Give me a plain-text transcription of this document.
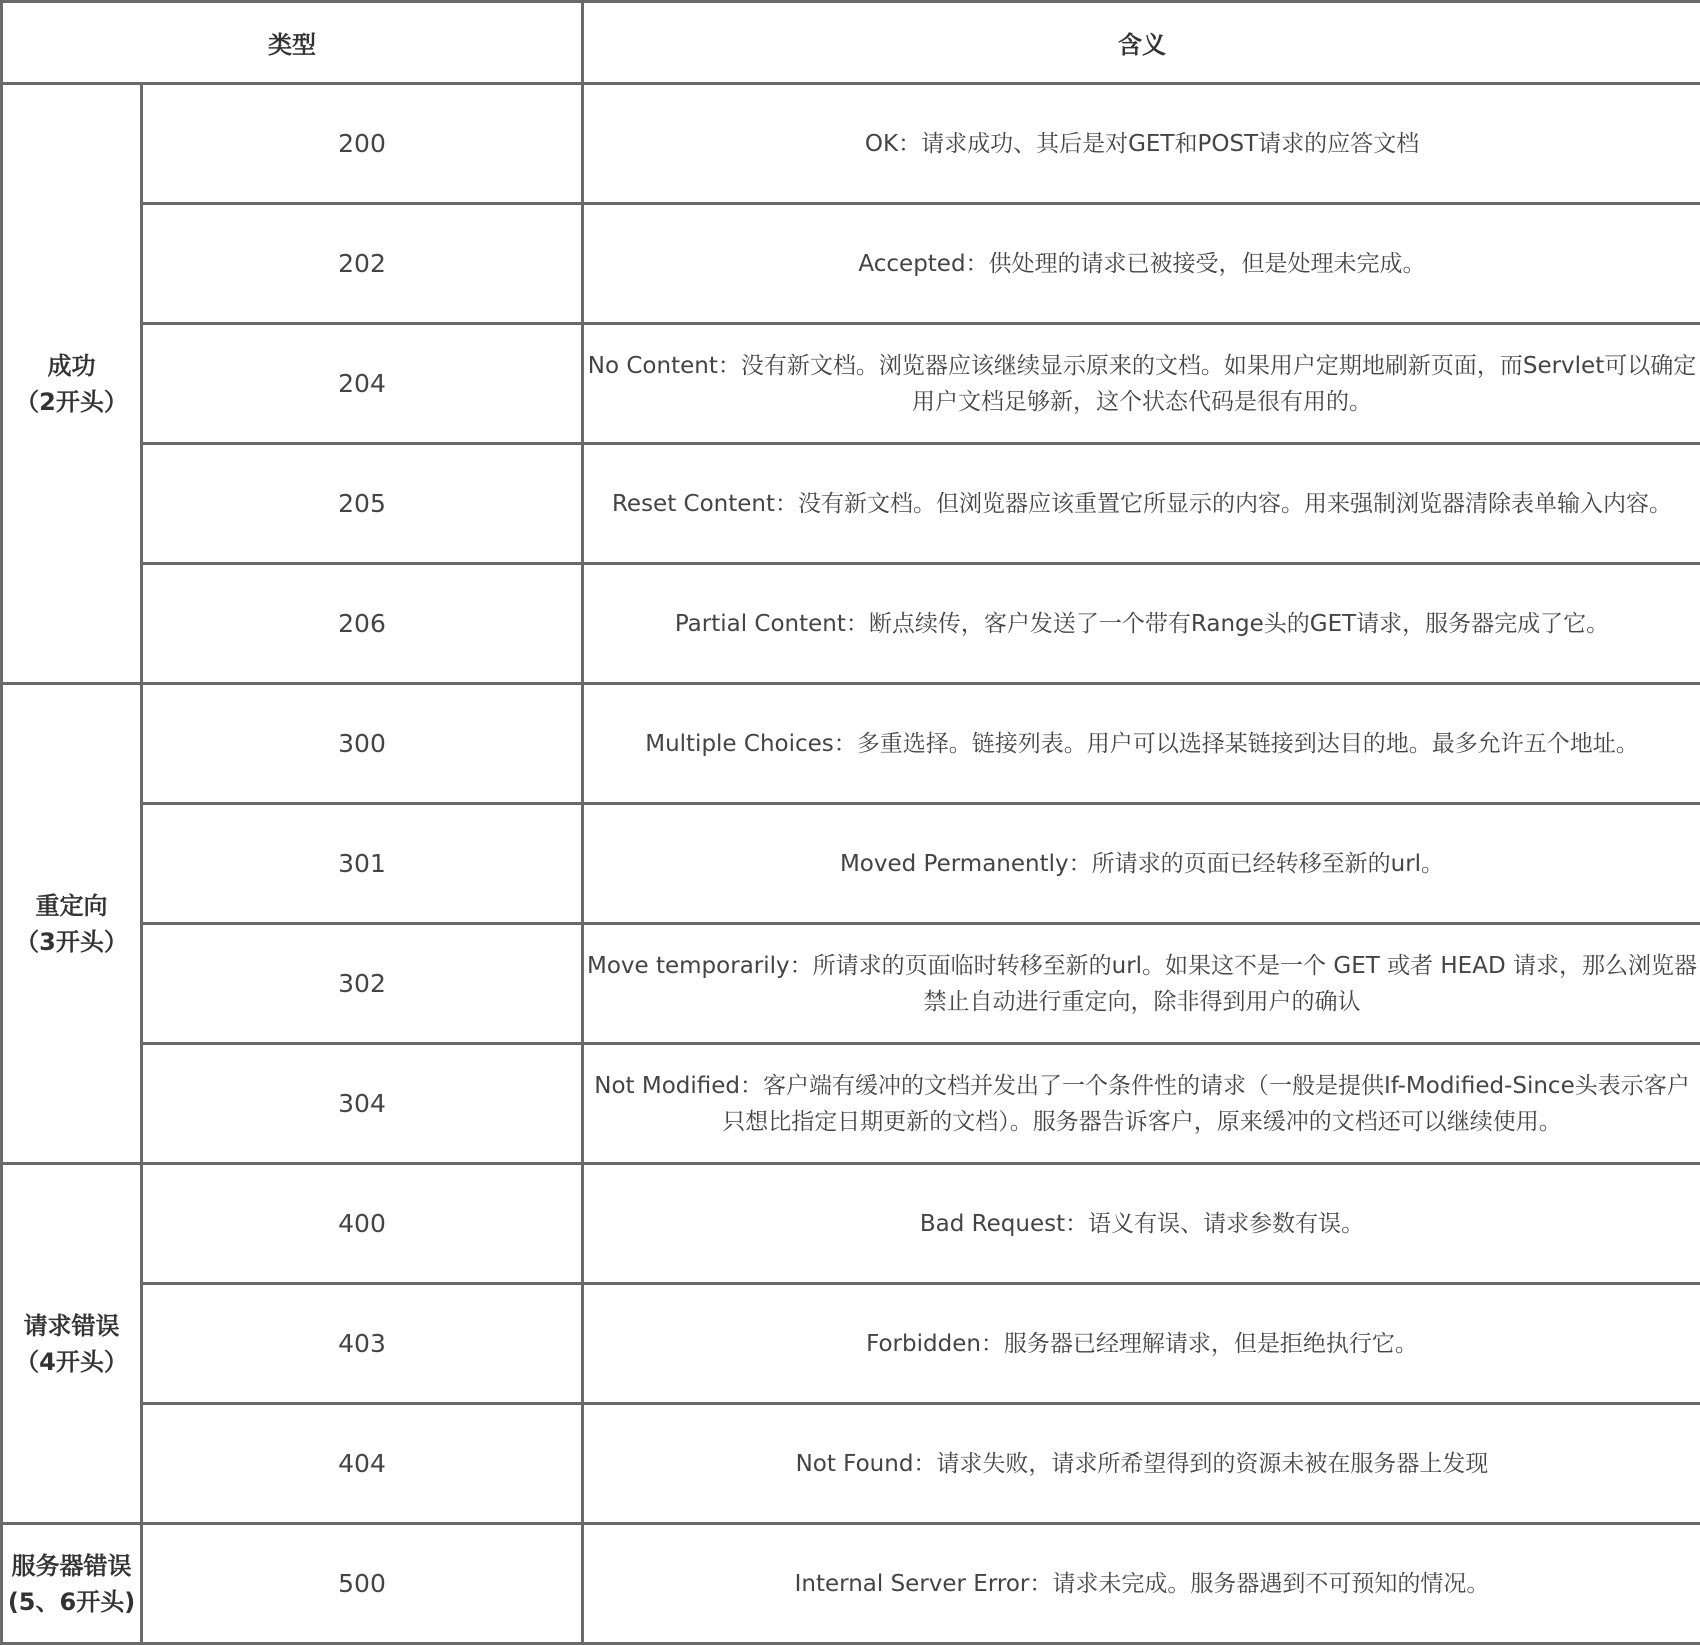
类型		含义

成功
（2开头）	200	OK：请求成功、其后是对GET和POST请求的应答文档
	202	Accepted：供处理的请求已被接受，但是处理未完成。
	204	No Content：没有新文档。浏览器应该继续显示原来的文档。如果用户定期地刷新页面，而Servlet可以确定用户文档足够新，这个状态代码是很有用的。
	205	Reset Content：没有新文档。但浏览器应该重置它所显示的内容。用来强制浏览器清除表单输入内容。
	206	Partial Content：断点续传，客户发送了一个带有Range头的GET请求，服务器完成了它。

重定向
（3开头）	300	Multiple Choices：多重选择。链接列表。用户可以选择某链接到达目的地。最多允许五个地址。
	301	Moved Permanently：所请求的页面已经转移至新的url。
	302	Move temporarily：所请求的页面临时转移至新的url。如果这不是一个 GET 或者 HEAD 请求，那么浏览器禁止自动进行重定向，除非得到用户的确认
	304	Not Modified：客户端有缓冲的文档并发出了一个条件性的请求（一般是提供If-Modified-Since头表示客户只想比指定日期更新的文档）。服务器告诉客户，原来缓冲的文档还可以继续使用。

请求错误
（4开头）	400	Bad Request：语义有误、请求参数有误。
	403	Forbidden：服务器已经理解请求，但是拒绝执行它。
	404	Not Found：请求失败，请求所希望得到的资源未被在服务器上发现

服务器错误
(5、6开头)	500	Internal Server Error：请求未完成。服务器遇到不可预知的情况。
